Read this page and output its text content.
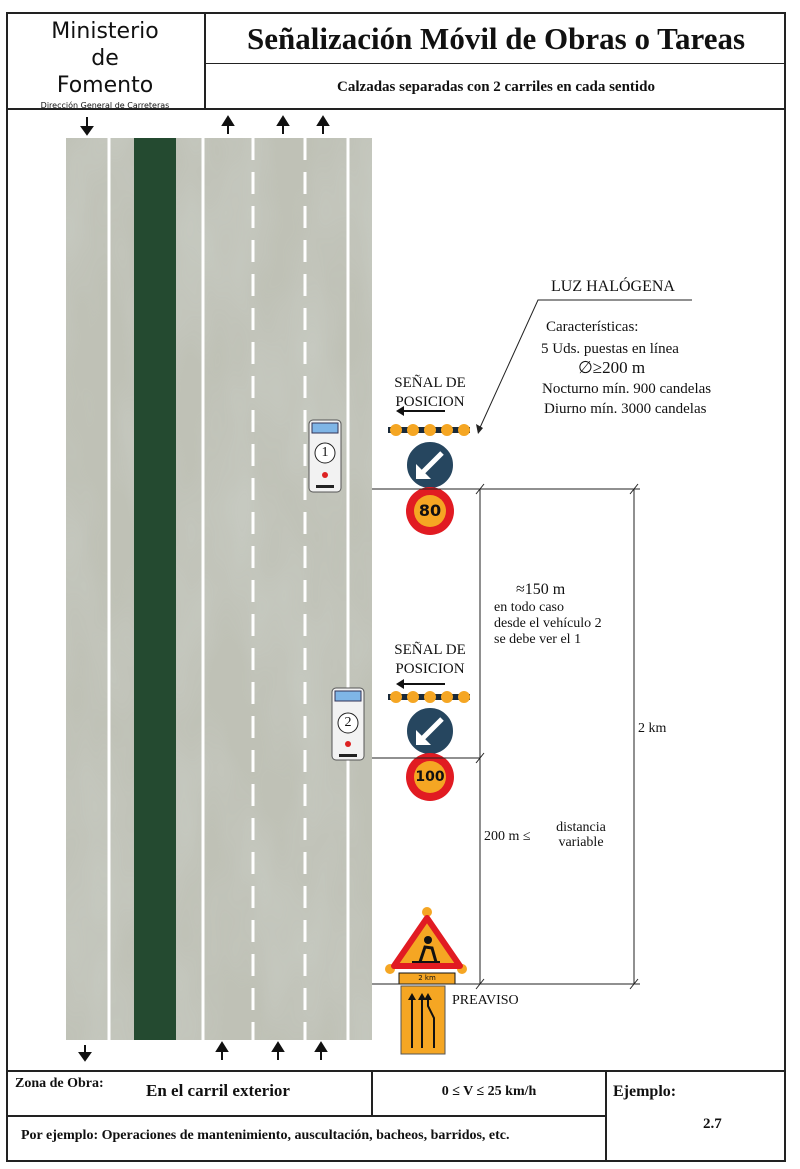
Ministerio
de
Fomento
Dirección General de Carreteras
Señalización Móvil de Obras o Tareas
Calzadas separadas con 2 carriles en cada sentido
1
2
80
100
2 km
LUZ HALÓGENA
Características:
5 Uds. puestas en línea
∅≥200 m
Nocturno mín. 900 candelas
Diurno mín. 3000 candelas
SEÑAL DE
POSICION
SEÑAL DE
POSICION
≈150 m
en todo caso
desde el vehículo 2
se debe ver el 1
2 km
200 m ≤
distancia
variable
PREAVISO
Zona de Obra: En el carril exterior	0 ≤ V ≤ 25 km/h	Ejemplo:
2.7
Por ejemplo: Operaciones de mantenimiento, auscultación, bacheos, barridos, etc.
